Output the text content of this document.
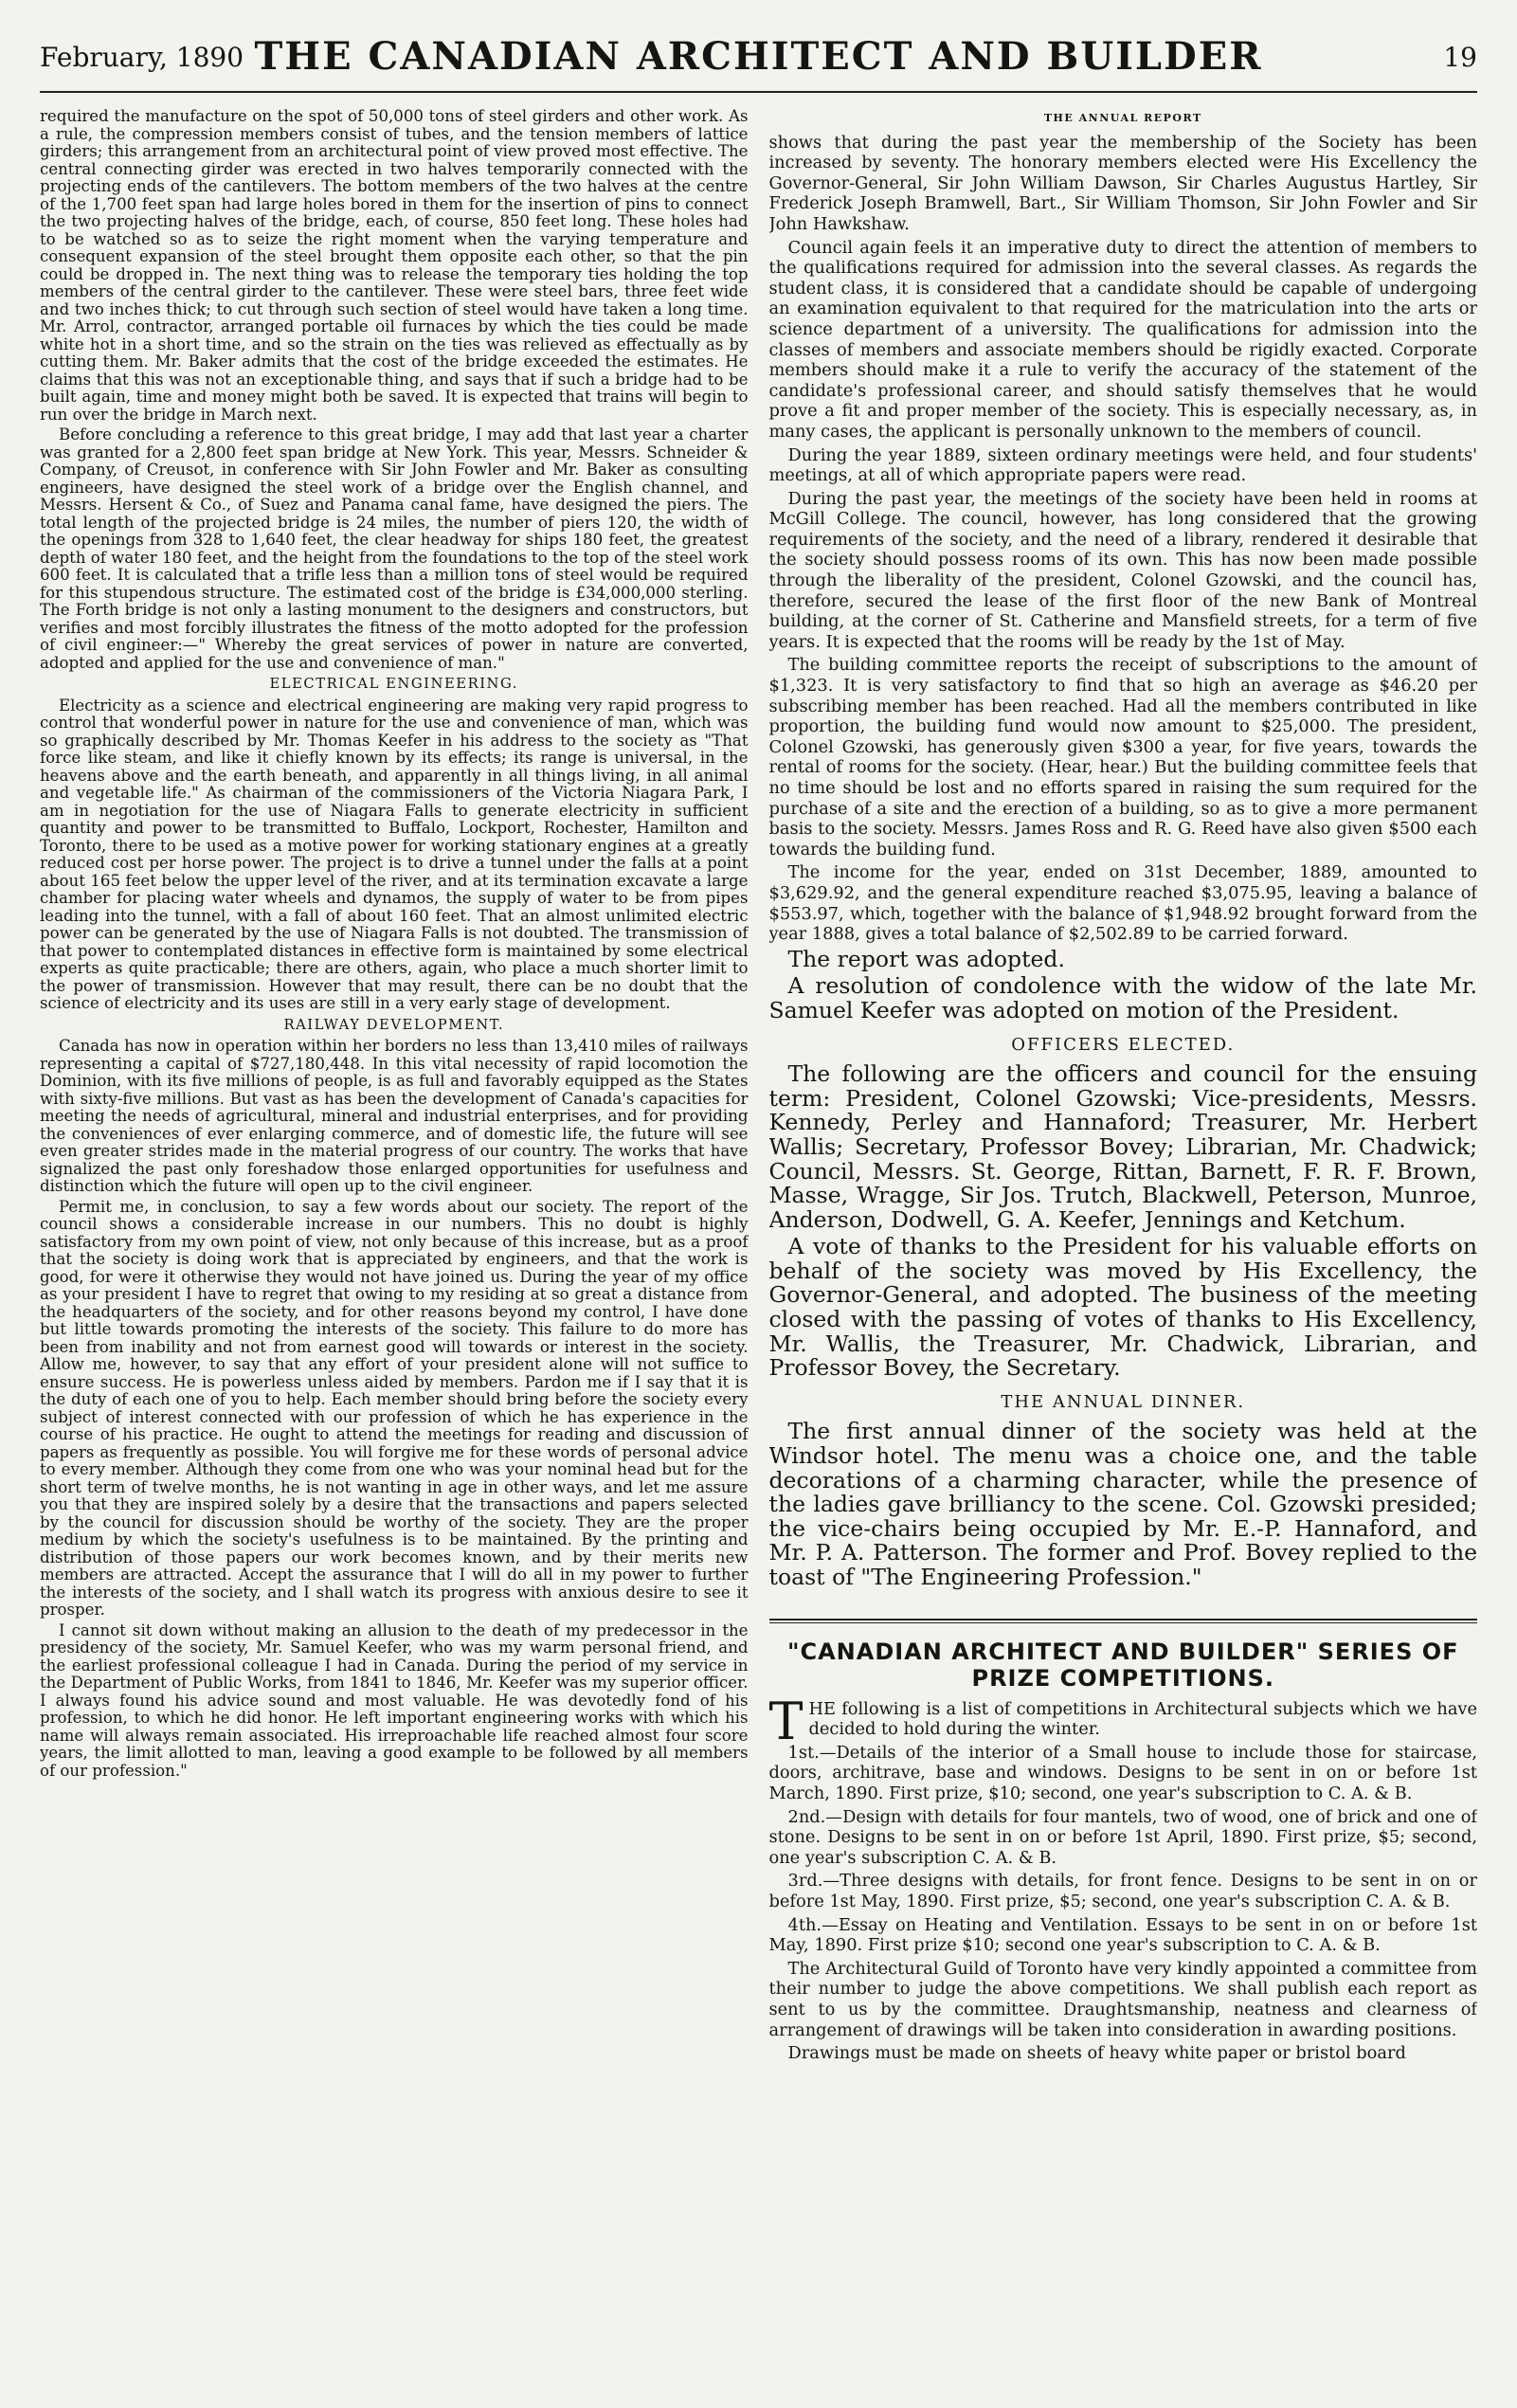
February, 1890 THE CANADIAN ARCHITECT AND BUILDER	19

required the manufacture on the spot of 50,000 tons of steel girders and other work. As a rule, the compression members consist of tubes, and the tension members of lattice girders; this arrangement from an architectural point of view proved most effective. The central connecting girder was erected in two halves temporarily connected with the projecting ends of the cantilevers. The bottom members of the two halves at the centre of the 1,700 feet span had large holes bored in them for the insertion of pins to connect the two projecting halves of the bridge, each, of course, 850 feet long. These holes had to be watched so as to seize the right moment when the varying temperature and consequent expansion of the steel brought them opposite each other, so that the pin could be dropped in. The next thing was to release the temporary ties holding the top members of the central girder to the cantilever. These were steel bars, three feet wide and two inches thick; to cut through such section of steel would have taken a long time. Mr. Arrol, contractor, arranged portable oil furnaces by which the ties could be made white hot in a short time, and so the strain on the ties was relieved as effectually as by cutting them. Mr. Baker admits that the cost of the bridge exceeded the estimates. He claims that this was not an exceptionable thing, and says that if such a bridge had to be built again, time and money might both be saved. It is expected that trains will begin to run over the bridge in March next.

Before concluding a reference to this great bridge, I may add that last year a charter was granted for a 2,800 feet span bridge at New York. This year, Messrs. Schneider & Company, of Creusot, in conference with Sir John Fowler and Mr. Baker as consulting engineers, have designed the steel work of a bridge over the English channel, and Messrs. Hersent & Co., of Suez and Panama canal fame, have designed the piers. The total length of the projected bridge is 24 miles, the number of piers 120, the width of the openings from 328 to 1,640 feet, the clear headway for ships 180 feet, the greatest depth of water 180 feet, and the height from the foundations to the top of the steel work 600 feet. It is calculated that a trifle less than a million tons of steel would be required for this stupendous structure. The estimated cost of the bridge is £34,000,000 sterling. The Forth bridge is not only a lasting monument to the designers and constructors, but verifies and most forcibly illustrates the fitness of the motto adopted for the profession of civil engineer:—" Whereby the great services of power in nature are converted, adopted and applied for the use and convenience of man."

ELECTRICAL ENGINEERING.

Electricity as a science and electrical engineering are making very rapid progress to control that wonderful power in nature for the use and convenience of man, which was so graphically described by Mr. Thomas Keefer in his address to the society as "That force like steam, and like it chiefly known by its effects; its range is universal, in the heavens above and the earth beneath, and apparently in all things living, in all animal and vegetable life." As chairman of the commissioners of the Victoria Niagara Park, I am in negotiation for the use of Niagara Falls to generate electricity in sufficient quantity and power to be transmitted to Buffalo, Lockport, Rochester, Hamilton and Toronto, there to be used as a motive power for working stationary engines at a greatly reduced cost per horse power. The project is to drive a tunnel under the falls at a point about 165 feet below the upper level of the river, and at its termination excavate a large chamber for placing water wheels and dynamos, the supply of water to be from pipes leading into the tunnel, with a fall of about 160 feet. That an almost unlimited electric power can be generated by the use of Niagara Falls is not doubted. The transmission of that power to contemplated distances in effective form is maintained by some electrical experts as quite practicable; there are others, again, who place a much shorter limit to the power of transmission. However that may result, there can be no doubt that the science of electricity and its uses are still in a very early stage of development.

RAILWAY DEVELOPMENT.

Canada has now in operation within her borders no less than 13,410 miles of railways representing a capital of $727,180,448. In this vital necessity of rapid locomotion the Dominion, with its five millions of people, is as full and favorably equipped as the States with sixty-five millions. But vast as has been the development of Canada's capacities for meeting the needs of agricultural, mineral and industrial enterprises, and for providing the conveniences of ever enlarging commerce, and of domestic life, the future will see even greater strides made in the material progress of our country. The works that have signalized the past only foreshadow those enlarged opportunities for usefulness and distinction which the future will open up to the civil engineer.

Permit me, in conclusion, to say a few words about our society. The report of the council shows a considerable increase in our numbers. This no doubt is highly satisfactory from my own point of view, not only because of this increase, but as a proof that the society is doing work that is appreciated by engineers, and that the work is good, for were it otherwise they would not have joined us. During the year of my office as your president I have to regret that owing to my residing at so great a distance from the headquarters of the society, and for other reasons beyond my control, I have done but little towards promoting the interests of the society. This failure to do more has been from inability and not from earnest good will towards or interest in the society. Allow me, however, to say that any effort of your president alone will not suffice to ensure success. He is powerless unless aided by members. Pardon me if I say that it is the duty of each one of you to help. Each member should bring before the society every subject of interest connected with our profession of which he has experience in the course of his practice. He ought to attend the meetings for reading and discussion of papers as frequently as possible. You will forgive me for these words of personal advice to every member. Although they come from one who was your nominal head but for the short term of twelve months, he is not wanting in age in other ways, and let me assure you that they are inspired solely by a desire that the transactions and papers selected by the council for discussion should be worthy of the society. They are the proper medium by which the society's usefulness is to be maintained. By the printing and distribution of those papers our work becomes known, and by their merits new members are attracted. Accept the assurance that I will do all in my power to further the interests of the society, and I shall watch its progress with anxious desire to see it prosper.

I cannot sit down without making an allusion to the death of my predecessor in the presidency of the society, Mr. Samuel Keefer, who was my warm personal friend, and the earliest professional colleague I had in Canada. During the period of my service in the Department of Public Works, from 1841 to 1846, Mr. Keefer was my superior officer. I always found his advice sound and most valuable. He was devotedly fond of his profession, to which he did honor. He left important engineering works with which his name will always remain associated. His irreproachable life reached almost four score years, the limit allotted to man, leaving a good example to be followed by all members of our profession."

THE ANNUAL REPORT

shows that during the past year the membership of the Society has been increased by seventy. The honorary members elected were His Excellency the Governor-General, Sir John William Dawson, Sir Charles Augustus Hartley, Sir Frederick Joseph Bramwell, Bart., Sir William Thomson, Sir John Fowler and Sir John Hawkshaw.

Council again feels it an imperative duty to direct the attention of members to the qualifications required for admission into the several classes. As regards the student class, it is considered that a candidate should be capable of undergoing an examination equivalent to that required for the matriculation into the arts or science department of a university. The qualifications for admission into the classes of members and associate members should be rigidly exacted. Corporate members should make it a rule to verify the accuracy of the statement of the candidate's professional career, and should satisfy themselves that he would prove a fit and proper member of the society. This is especially necessary, as, in many cases, the applicant is personally unknown to the members of council.

During the year 1889, sixteen ordinary meetings were held, and four students' meetings, at all of which appropriate papers were read.

During the past year, the meetings of the society have been held in rooms at McGill College. The council, however, has long considered that the growing requirements of the society, and the need of a library, rendered it desirable that the society should possess rooms of its own. This has now been made possible through the liberality of the president, Colonel Gzowski, and the council has, therefore, secured the lease of the first floor of the new Bank of Montreal building, at the corner of St. Catherine and Mansfield streets, for a term of five years. It is expected that the rooms will be ready by the 1st of May.

The building committee reports the receipt of subscriptions to the amount of $1,323. It is very satisfactory to find that so high an average as $46.20 per subscribing member has been reached. Had all the members contributed in like proportion, the building fund would now amount to $25,000. The president, Colonel Gzowski, has generously given $300 a year, for five years, towards the rental of rooms for the society. (Hear, hear.) But the building committee feels that no time should be lost and no efforts spared in raising the sum required for the purchase of a site and the erection of a building, so as to give a more permanent basis to the society. Messrs. James Ross and R. G. Reed have also given $500 each towards the building fund.

The income for the year, ended on 31st December, 1889, amounted to $3,629.92, and the general expenditure reached $3,075.95, leaving a balance of $553.97, which, together with the balance of $1,948.92 brought forward from the year 1888, gives a total balance of $2,502.89 to be carried forward.

The report was adopted.

A resolution of condolence with the widow of the late Mr. Samuel Keefer was adopted on motion of the President.

OFFICERS ELECTED.

The following are the officers and council for the ensuing term: President, Colonel Gzowski; Vice-presidents, Messrs. Kennedy, Perley and Hannaford; Treasurer, Mr. Herbert Wallis; Secretary, Professor Bovey; Librarian, Mr. Chadwick; Council, Messrs. St. George, Rittan, Barnett, F. R. F. Brown, Masse, Wragge, Sir Jos. Trutch, Blackwell, Peterson, Munroe, Anderson, Dodwell, G. A. Keefer, Jennings and Ketchum.

A vote of thanks to the President for his valuable efforts on behalf of the society was moved by His Excellency, the Governor-General, and adopted. The business of the meeting closed with the passing of votes of thanks to His Excellency, Mr. Wallis, the Treasurer, Mr. Chadwick, Librarian, and Professor Bovey, the Secretary.

THE ANNUAL DINNER.

The first annual dinner of the society was held at the Windsor hotel. The menu was a choice one, and the table decorations of a charming character, while the presence of the ladies gave brilliancy to the scene. Col. Gzowski presided; the vice-chairs being occupied by Mr. E.-P. Hannaford, and Mr. P. A. Patterson. The former and Prof. Bovey replied to the toast of "The Engineering Profession."

"CANADIAN ARCHITECT AND BUILDER" SERIES OF PRIZE COMPETITIONS.

THE following is a list of competitions in Architectural subjects which we have decided to hold during the winter.

1st.—Details of the interior of a Small house to include those for staircase, doors, architrave, base and windows. Designs to be sent in on or before 1st March, 1890. First prize, $10; second, one year's subscription to C. A. & B.

2nd.—Design with details for four mantels, two of wood, one of brick and one of stone. Designs to be sent in on or before 1st April, 1890. First prize, $5; second, one year's subscription C. A. & B.

3rd.—Three designs with details, for front fence. Designs to be sent in on or before 1st May, 1890. First prize, $5; second, one year's subscription C. A. & B.

4th.—Essay on Heating and Ventilation. Essays to be sent in on or before 1st May, 1890. First prize $10; second one year's subscription to C. A. & B.

The Architectural Guild of Toronto have very kindly appointed a committee from their number to judge the above competitions. We shall publish each report as sent to us by the committee. Draughtsmanship, neatness and clearness of arrangement of drawings will be taken into consideration in awarding positions.

Drawings must be made on sheets of heavy white paper or bristol board
